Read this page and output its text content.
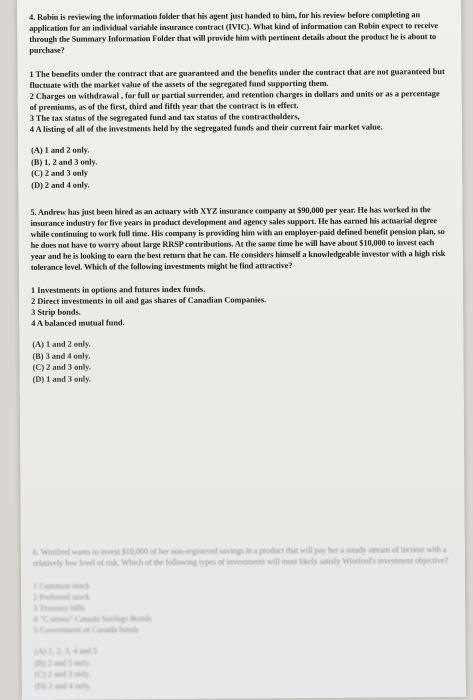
4. Robin is reviewing the information folder that his agent just handed to him, for his review before completing an application for an individual variable insurance contract (IVIC). What kind of information can Robin expect to receive through the Summary Information Folder that will provide him with pertinent details about the product he is about to purchase?

1 The benefits under the contract that are guaranteed and the benefits under the contract that are not guaranteed but fluctuate with the market value of the assets of the segregated fund supporting them.
2 Charges on withdrawal , for full or partial surrender, and retention charges in dollars and units or as a percentage of premiums, as of the first, third and fifth year that the contract is in effect.
3 The tax status of the segregated fund and tax status of the contractholders,
4 A listing of all of the investments held by the segregated funds and their current fair market value.
(A) 1 and 2 only.
(B) 1, 2 and 3 only.
(C) 2 and 3 only
(D) 2 and 4 only.

5. Andrew has just been hired as an actuary with XYZ insurance company at $90,000 per year. He has worked in the insurance industry for five years in product development and agency sales support. He has earned his actuarial degree while continuing to work full time. His company is providing him with an employer-paid defined benefit pension plan, so he does not have to worry about large RRSP contributions. At the same time he will have about $10,000 to invest each year and he is looking to earn the best return that he can. He considers himself a knowledgeable investor with a high risk tolerance level. Which of the following investments might he find attractive?

1 Investments in options and futures index funds.
2 Direct investments in oil and gas shares of Canadian Companies.
3 Strip bonds.
4 A balanced mutual fund.
(A) 1 and 2 only.
(B) 3 and 4 only.
(C) 2 and 3 only.
(D) 1 and 3 only.

6. Winifred wants to invest $10,000 of her non-registered savings in a product that will pay her a steady stream of income with a relatively low level of risk. Which of the following types of investments will most likely satisfy Winifred's investment objective?

1 Common stock
2 Preferred stock
3 Treasury bills
4 "C series" Canada Savings Bonds
5 Government of Canada bonds
(A) 1, 2, 3, 4 and 5
(B) 2 and 5 only.
(C) 2 and 3 only.
(D) 2 and 4 only.
